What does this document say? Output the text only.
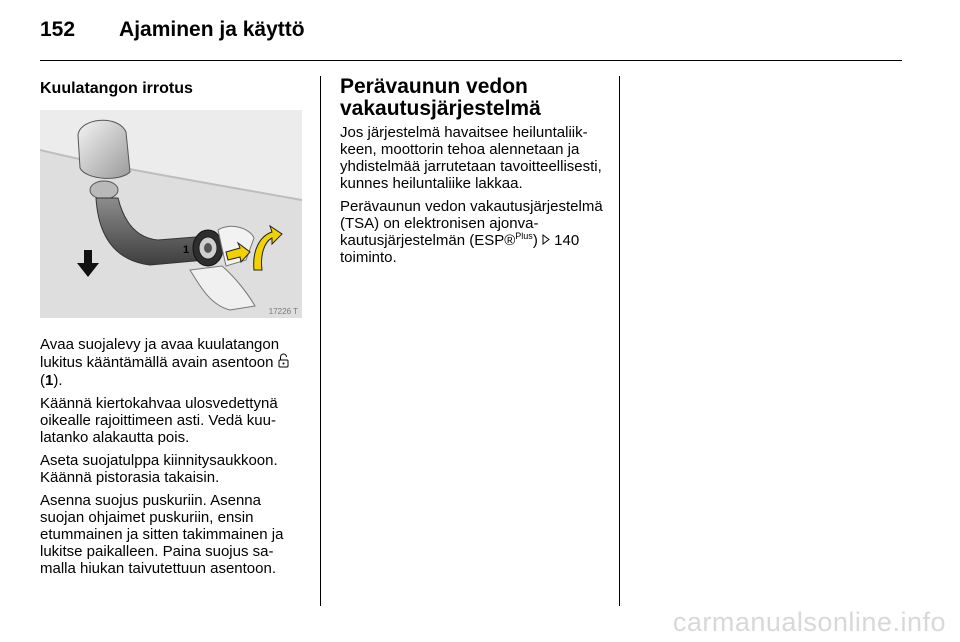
152 Ajaminen ja käyttö
Kuulatangon irrotus
1
17226 T

Avaa suojalevy ja avaa kuulatangon lukitus kääntämällä avain asentoon  (1).

Käännä kiertokahvaa ulosvedettynä oikealle rajoittimeen asti. Vedä kuulatanko alakautta pois.

Aseta suojatulppa kiinnitysaukkoon. Käännä pistorasia takaisin.

Asenna suojus puskuriin. Asenna suojan ohjaimet puskuriin, ensin etummainen ja sitten takimmainen ja lukitse paikalleen. Paina suojus samalla hiukan taivutettuun asentoon.

Perävaunun vedon vakautusjärjestelmä

Jos järjestelmä havaitsee heiluntaliikkeen, moottorin tehoa alennetaan ja yhdistelmää jarrutetaan tavoitteellisesti, kunnes heiluntaliike lakkaa.

Perävaunun vedon vakautusjärjestelmä (TSA) on elektronisen ajonvakautusjärjestelmän (ESP®$^{Plus}$)  140 toiminto.

carmanualsonline.info
